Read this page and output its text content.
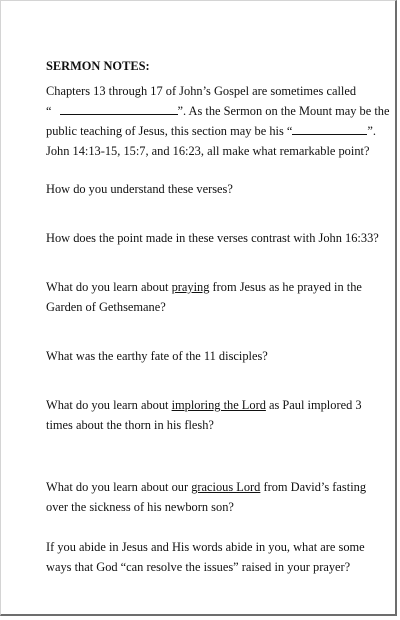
SERMON NOTES:

Chapters 13 through 17 of John’s Gospel are sometimes called
“	”. As the Sermon on the Mount may be the
public teaching of Jesus, this section may be his “	”.
John 14:13-15, 15:7, and 16:23, all make what remarkable point?

How do you understand these verses?

How does the point made in these verses contrast with John 16:33?

What do you learn about praying from Jesus as he prayed in the Garden of Gethsemane?

What was the earthy fate of the 11 disciples?

What do you learn about imploring the Lord as Paul implored 3 times about the thorn in his flesh?

What do you learn about our gracious Lord from David’s fasting over the sickness of his newborn son?

If you abide in Jesus and His words abide in you, what are some ways that God “can resolve the issues” raised in your prayer?
